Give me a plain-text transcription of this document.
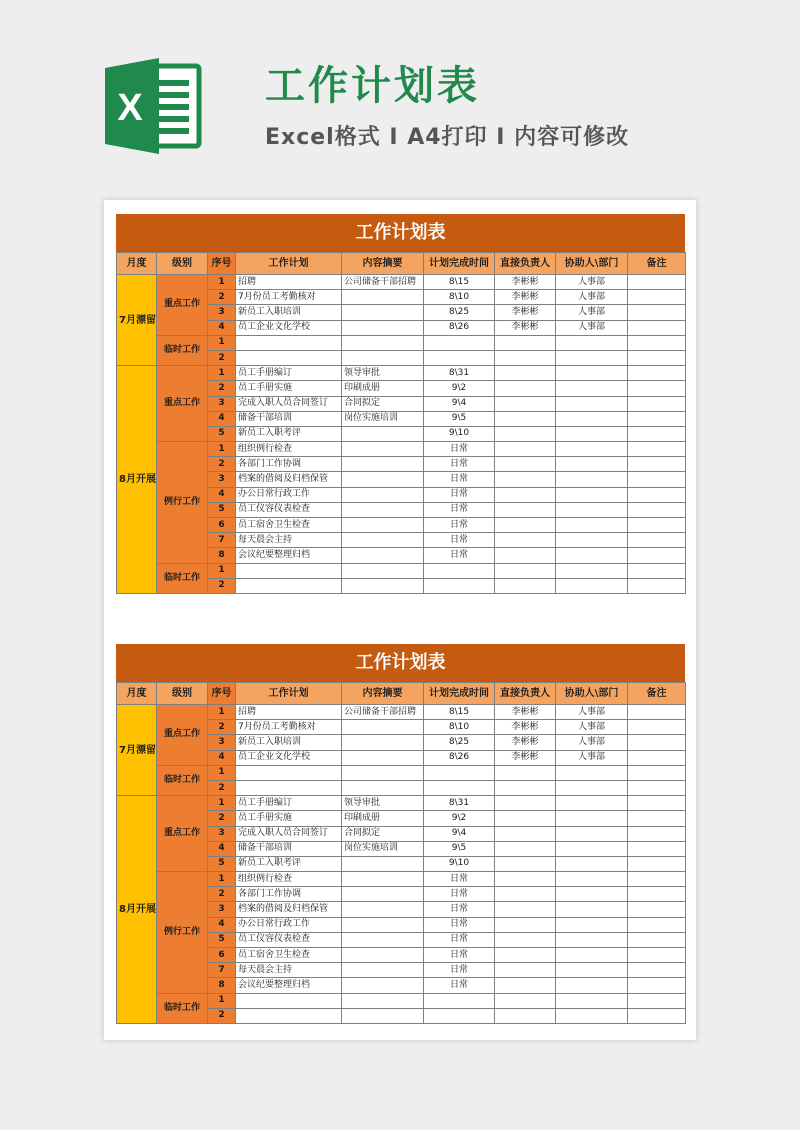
X	工作计划表
Excel格式 I A4打印 I 内容可修改
工作计划表
月度	级别	序号	工作计划	内容摘要	计划完成时间	直接负责人	协助人\部门	备注
7月漂留	重点工作	1	招聘	公司储备干部招聘	8\15	李彬彬	人事部	
		2	7月份员工考勤核对		8\10	李彬彬	人事部	
		3	新员工入职培训		8\25	李彬彬	人事部	
		4	员工企业文化学校		8\26	李彬彬	人事部	
	临时工作	1						
		2						
8月开展	重点工作	1	员工手册编订	领导审批	8\31			
		2	员工手册实施	印刷成册	9\2			
		3	完成入职人员合同签订	合同拟定	9\4			
		4	储备干部培训	岗位实施培训	9\5			
		5	新员工入职考评		9\10			
	例行工作	1	组织例行检查		日常			
		2	各部门工作协调		日常			
		3	档案的借阅及归档保管		日常			
		4	办公日常行政工作		日常			
		5	员工仪容仪表检查		日常			
		6	员工宿舍卫生检查		日常			
		7	每天晨会主持		日常			
		8	会议纪要整理归档		日常			
	临时工作	1						
		2						
工作计划表
月度	级别	序号	工作计划	内容摘要	计划完成时间	直接负责人	协助人\部门	备注
7月漂留	重点工作	1	招聘	公司储备干部招聘	8\15	李彬彬	人事部	
		2	7月份员工考勤核对		8\10	李彬彬	人事部	
		3	新员工入职培训		8\25	李彬彬	人事部	
		4	员工企业文化学校		8\26	李彬彬	人事部	
	临时工作	1						
		2						
8月开展	重点工作	1	员工手册编订	领导审批	8\31			
		2	员工手册实施	印刷成册	9\2			
		3	完成入职人员合同签订	合同拟定	9\4			
		4	储备干部培训	岗位实施培训	9\5			
		5	新员工入职考评		9\10			
	例行工作	1	组织例行检查		日常			
		2	各部门工作协调		日常			
		3	档案的借阅及归档保管		日常			
		4	办公日常行政工作		日常			
		5	员工仪容仪表检查		日常			
		6	员工宿舍卫生检查		日常			
		7	每天晨会主持		日常			
		8	会议纪要整理归档		日常			
	临时工作	1						
		2						
